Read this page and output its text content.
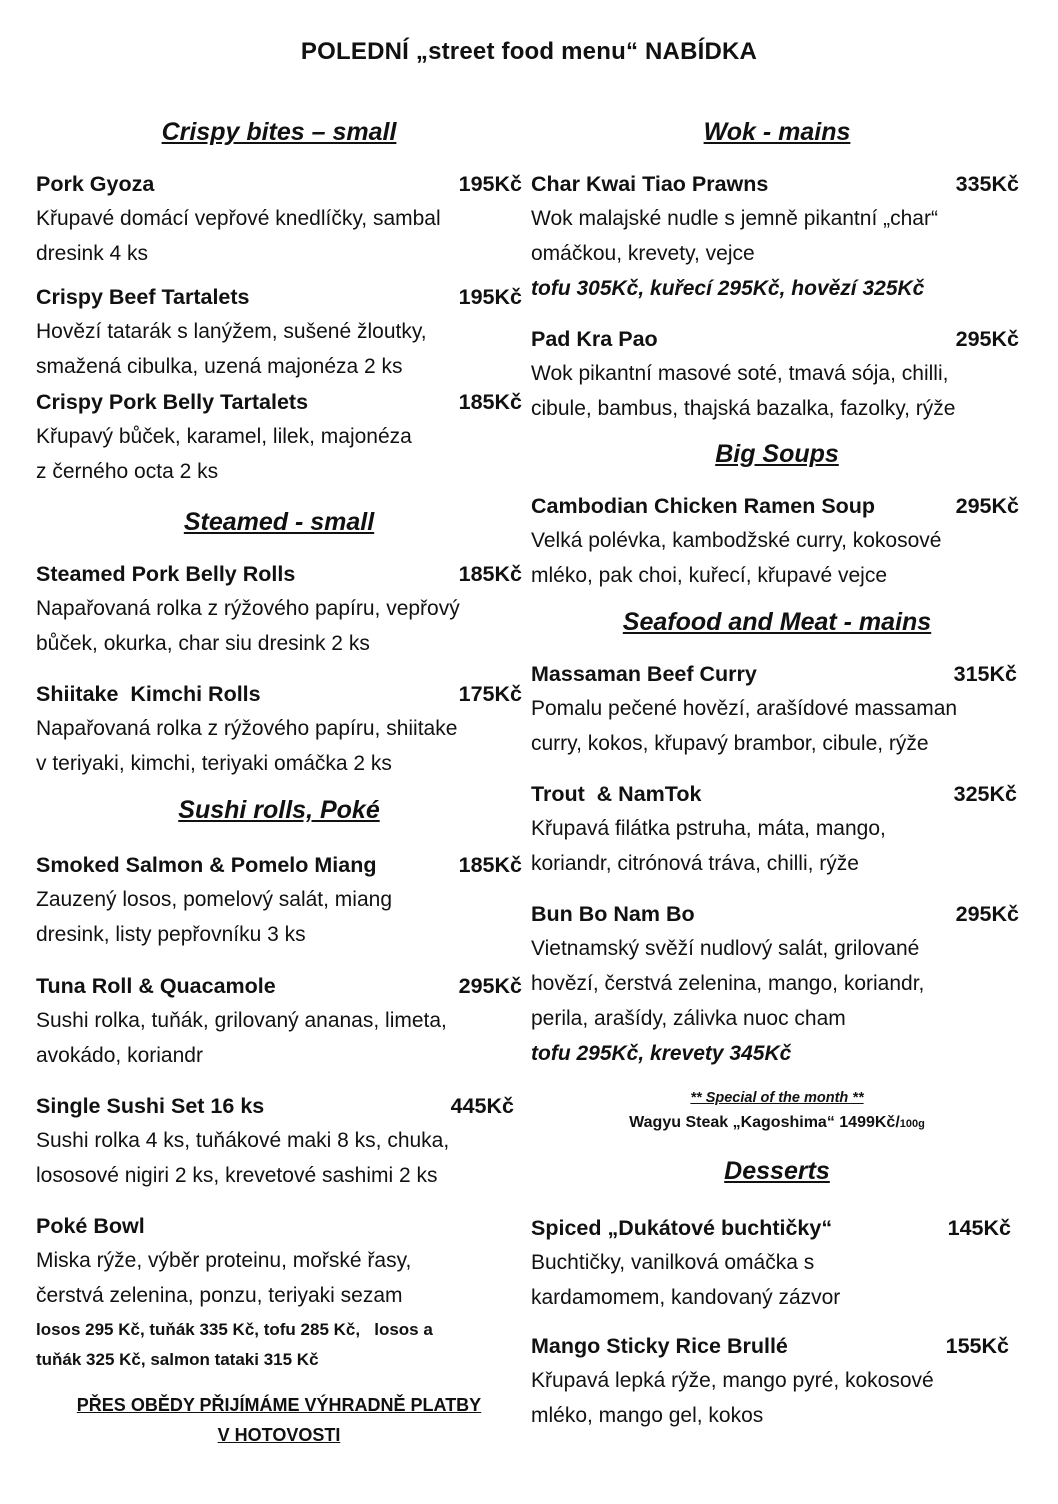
POLEDNÍ „street food menu“ NABÍDKA
Crispy bites – small
Pork Gyoza	195Kč
Křupavé domácí vepřové knedlíčky, sambal
dresink 4 ks
Crispy Beef Tartalets	195Kč
Hovězí tatarák s lanýžem, sušené žloutky,
smažená cibulka, uzená majonéza 2 ks
Crispy Pork Belly Tartalets	185Kč
Křupavý bůček, karamel, lilek, majonéza
z černého octa 2 ks
Steamed - small
Steamed Pork Belly Rolls	185Kč
Napařovaná rolka z rýžového papíru, vepřový
bůček, okurka, char siu dresink 2 ks
Shiitake  Kimchi Rolls	175Kč
Napařovaná rolka z rýžového papíru, shiitake
v teriyaki, kimchi, teriyaki omáčka 2 ks
Sushi rolls, Poké
Smoked Salmon & Pomelo Miang	185Kč
Zauzený losos, pomelový salát, miang
dresink, listy pepřovníku 3 ks
Tuna Roll & Quacamole	295Kč
Sushi rolka, tuňák, grilovaný ananas, limeta,
avokádo, koriandr
Single Sushi Set 16 ks	445Kč
Sushi rolka 4 ks, tuňákové maki 8 ks, chuka,
lososové nigiri 2 ks, krevetové sashimi 2 ks
Poké Bowl
Miska rýže, výběr proteinu, mořské řasy,
čerstvá zelenina, ponzu, teriyaki sezam
losos 295 Kč, tuňák 335 Kč, tofu 285 Kč,   losos a
tuňák 325 Kč, salmon tataki 315 Kč
PŘES OBĚDY PŘIJÍMÁME VÝHRADNĚ PLATBY
V HOTOVOSTI
Wok - mains
Char Kwai Tiao Prawns	335Kč
Wok malajské nudle s jemně pikantní „char“
omáčkou, krevety, vejce
tofu 305Kč, kuřecí 295Kč, hovězí 325Kč
Pad Kra Pao	295Kč
Wok pikantní masové soté, tmavá sója, chilli,
cibule, bambus, thajská bazalka, fazolky, rýže
Big Soups
Cambodian Chicken Ramen Soup	295Kč
Velká polévka, kambodžské curry, kokosové
mléko, pak choi, kuřecí, křupavé vejce
Seafood and Meat - mains
Massaman Beef Curry	315Kč
Pomalu pečené hovězí, arašídové massaman
curry, kokos, křupavý brambor, cibule, rýže
Trout  & NamTok	325Kč
Křupavá filátka pstruha, máta, mango,
koriandr, citrónová tráva, chilli, rýže
Bun Bo Nam Bo	295Kč
Vietnamský svěží nudlový salát, grilované
hovězí, čerstvá zelenina, mango, koriandr,
perila, arašídy, zálivka nuoc cham
tofu 295Kč, krevety 345Kč
** Special of the month **
Wagyu Steak „Kagoshima“ 1499Kč/100g
Desserts
Spiced „Dukátové buchtičky“	145Kč
Buchtičky, vanilková omáčka s
kardamomem, kandovaný zázvor
Mango Sticky Rice Brullé	155Kč
Křupavá lepká rýže, mango pyré, kokosové
mléko, mango gel, kokos
